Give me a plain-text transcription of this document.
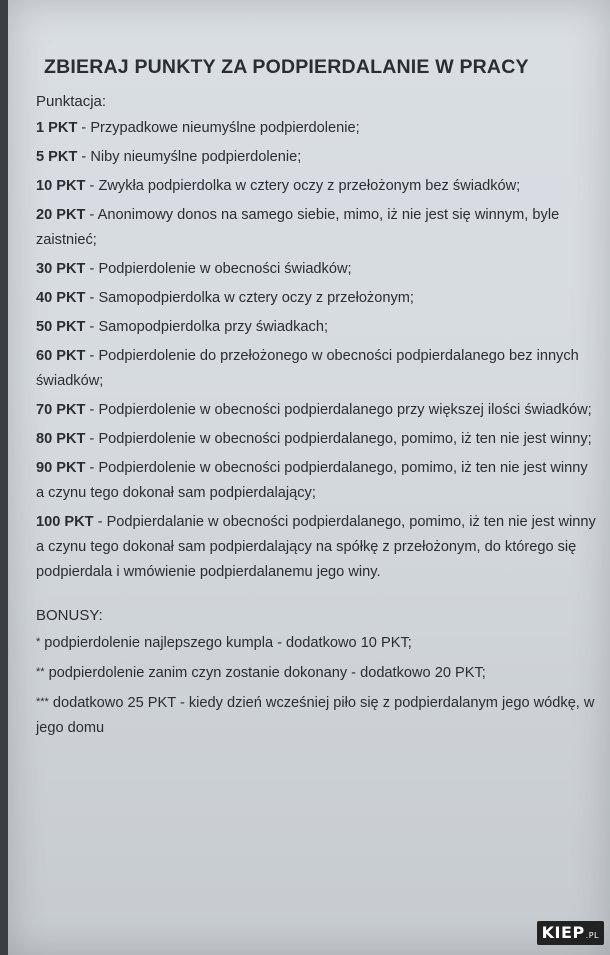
ZBIERAJ PUNKTY ZA PODPIERDALANIE W PRACY
Punktacja:
1 PKT - Przypadkowe nieumyślne podpierdolenie;
5 PKT - Niby nieumyślne podpierdolenie;
10 PKT - Zwykła podpierdolka w cztery oczy z przełożonym bez świadków;
20 PKT - Anonimowy donos na samego siebie, mimo, iż nie jest się winnym, byle zaistnieć;
30 PKT - Podpierdolenie w obecności świadków;
40 PKT - Samopodpierdolka w cztery oczy z przełożonym;
50 PKT - Samopodpierdolka przy świadkach;
60 PKT - Podpierdolenie do przełożonego w obecności podpierdalanego bez innych świadków;
70 PKT - Podpierdolenie w obecności podpierdalanego przy większej ilości świadków;
80 PKT - Podpierdolenie w obecności podpierdalanego, pomimo, iż ten nie jest winny;
90 PKT - Podpierdolenie w obecności podpierdalanego, pomimo, iż ten nie jest winny a czynu tego dokonał sam podpierdalający;
100 PKT - Podpierdalanie w obecności podpierdalanego, pomimo, iż ten nie jest winny a czynu tego dokonał sam podpierdalający na spółkę z przełożonym, do którego się podpierdala i wmówienie podpierdalanemu jego winy.
BONUSY:
* podpierdolenie najlepszego kumpla - dodatkowo 10 PKT;
** podpierdolenie zanim czyn zostanie dokonany - dodatkowo 20 PKT;
*** dodatkowo 25 PKT - kiedy dzień wcześniej piło się z podpierdalanym jego wódkę, w jego domu
KIEP.PL
